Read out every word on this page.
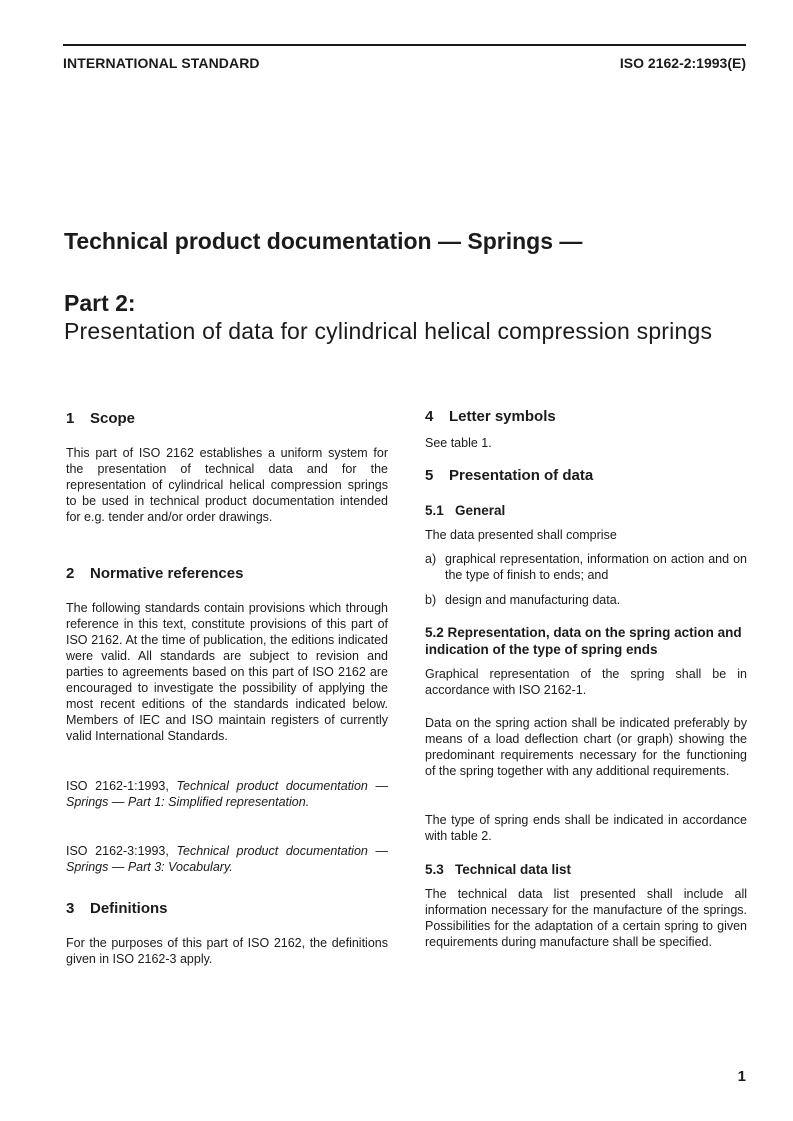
INTERNATIONAL STANDARD	ISO 2162-2:1993(E)
Technical product documentation — Springs —
Part 2:
Presentation of data for cylindrical helical compression springs
1 Scope

This part of ISO 2162 establishes a uniform system for the presentation of technical data and for the representation of cylindrical helical compression springs to be used in technical product documentation intended for e.g. tender and/or order drawings.

2 Normative references

The following standards contain provisions which through reference in this text, constitute provisions of this part of ISO 2162. At the time of publication, the editions indicated were valid. All standards are subject to revision and parties to agreements based on this part of ISO 2162 are encouraged to investigate the possibility of applying the most recent editions of the standards indicated below. Members of IEC and ISO maintain registers of currently valid International Standards.

ISO 2162-1:1993, Technical product documentation — Springs — Part 1: Simplified representation.

ISO 2162-3:1993, Technical product documentation — Springs — Part 3: Vocabulary.

3 Definitions

For the purposes of this part of ISO 2162, the definitions given in ISO 2162-3 apply.

4 Letter symbols

See table 1.

5 Presentation of data
5.1 General

The data presented shall comprise

a) graphical representation, information on action and on the type of finish to ends; and

b) design and manufacturing data.

5.2 Representation, data on the spring action and indication of the type of spring ends

Graphical representation of the spring shall be in accordance with ISO 2162-1.

Data on the spring action shall be indicated preferably by means of a load deflection chart (or graph) showing the predominant requirements necessary for the functioning of the spring together with any additional requirements.

The type of spring ends shall be indicated in accordance with table 2.

5.3 Technical data list

The technical data list presented shall include all information necessary for the manufacture of the springs. Possibilities for the adaptation of a certain spring to given requirements during manufacture shall be specified.

1
